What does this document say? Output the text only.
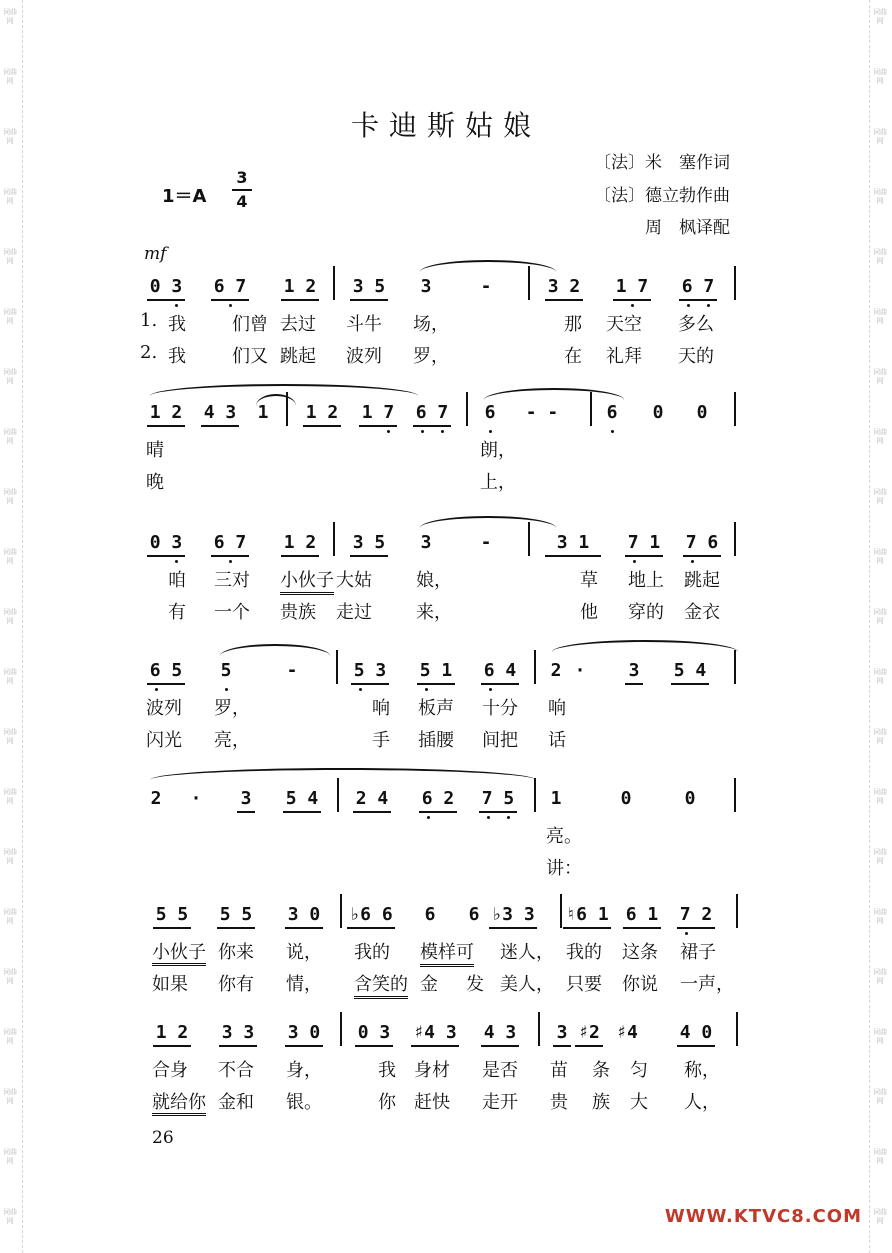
词曲网
词曲网
词曲网
词曲网
词曲网
词曲网
词曲网
词曲网
词曲网
词曲网
词曲网
词曲网
词曲网
词曲网
词曲网
词曲网
词曲网
词曲网
词曲网
词曲网
词曲网
词曲网
词曲网
词曲网
词曲网
词曲网
词曲网
词曲网
词曲网
词曲网
词曲网
词曲网
词曲网
词曲网
词曲网
词曲网
词曲网
词曲网
词曲网
词曲网
词曲网
词曲网
卡迪斯姑娘
〔法〕米　塞作词
〔法〕德立勃作曲
周　枫译配
1＝A
3
4
mf
0 3 6 7 1 2 3 5 3	-	3 2 1 7 6 7
1. 我	们曾 去过 斗牛 场，	那 天空 多么
2. 我	们又 跳起 波列 罗，	在 礼拜 天的
1 2 4 3 1 1 2 1 7 6 7 6	- -	6 0 0
晴	朗，
晚	上，
0 3 6 7 1 2 3 5 3	-	3 1	7 1 7 6
咱 三对 小伙子 大姑 娘，	草 地上 跳起
有 一个 贵族 走过 来，	他 穿的 金衣
6 5 5	-	5 3 5 1 6 4 2 · 3 5 4
波列 罗，	响 板声 十分 响
闪光 亮，	手 插腰 间把 话
2 · 3 5 4 2 4 6 2 7 5 1	0	0
亮。
讲：
5 5 5 5 3 0 ♭6 6 6 6 ♭3 3 ♮6 1 6 1 7 2
小伙子 你来 说， 我的 模样可 迷人， 我的 这条 裙子
如果 你有 情， 含笑的 金 发 美人， 只要 你说 一声，
1 2 3 3 3 0 0 3 ♯4 3 4 3 3 ♯2 ♯4 4 0
合身 不合 身，	我 身材 是否 苗 条 匀 称，
就给你 金和 银。	你 赶快 走开 贵 族 大 人，
26
WWW.KTVC8.COM
